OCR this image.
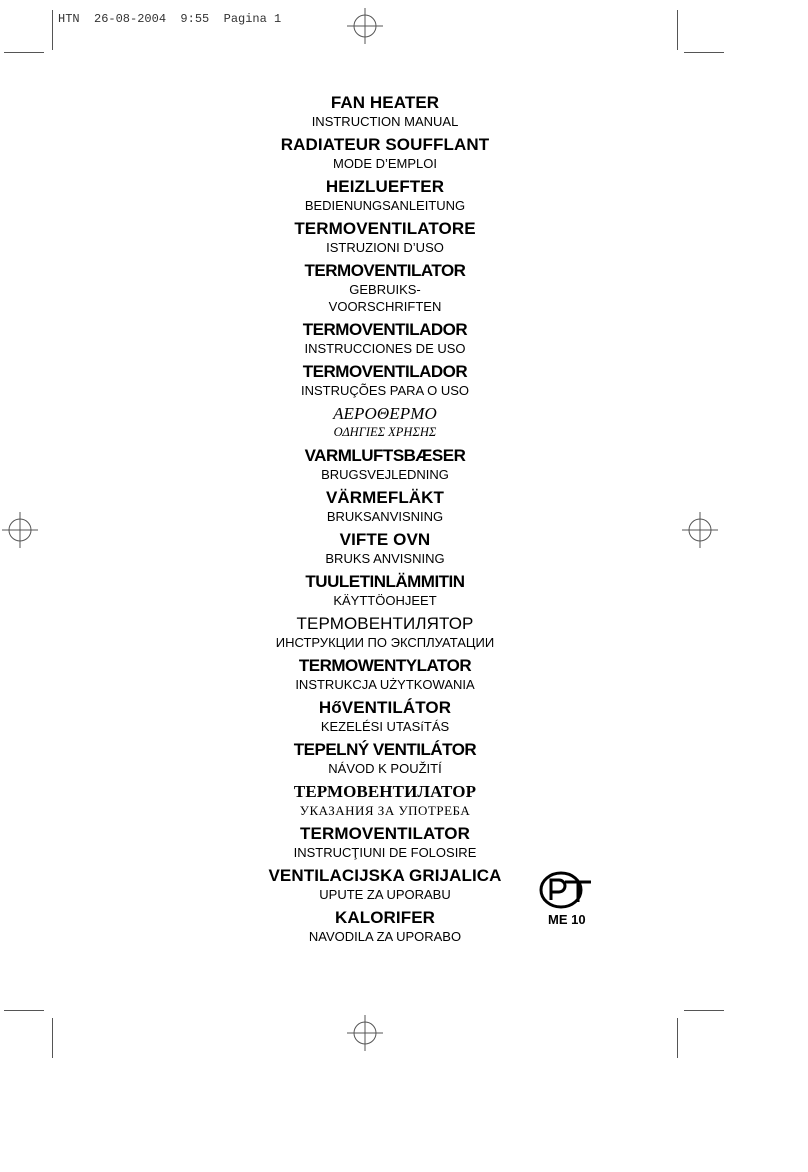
HTN  26-08-2004  9:55  Pagina 1
FAN HEATER
INSTRUCTION MANUAL
RADIATEUR SOUFFLANT
MODE D’EMPLOI
HEIZLUEFTER
BEDIENUNGSANLEITUNG
TERMOVENTILATORE
ISTRUZIONI D’USO
TERMOVENTILATOR
GEBRUIKS-
VOORSCHRIFTEN
TERMOVENTILADOR
INSTRUCCIONES DE USO
TERMOVENTILADOR
INSTRUÇÕES PARA O USO
ΑΕΡΟΘΕΡΜΟ
ΟΔΗΓΙΕΣ ΧΡΗΣΗΣ
VARMLUFTSBÆSER
BRUGSVEJLEDNING
VÄRMEFLÄKT
BRUKSANVISNING
VIFTE OVN
BRUKS ANVISNING
TUULETINLÄMMITIN
KÄYTTÖOHJEET
ТЕРМОВЕНТИЛЯТОР
ИНСТРУКЦИИ ПО ЭКСПЛУАТАЦИИ
TERMOWENTYLATOR
INSTRUKCJA UŻYTKOWANIA
HőVENTILÁTOR
KEZELÉSI UTASíTÁS
TEPELNÝ VENTILÁTOR
NÁVOD K POUŽITÍ
ТЕРМОВЕНТИЛАТОР
УКАЗАНИЯ ЗА УПОТРЕБА
TERMOVENTILATOR
INSTRUCŢIUNI DE FOLOSIRE
VENTILACIJSKA GRIJALICA
UPUTE ZA UPORABU
KALORIFER
NAVODILA ZA UPORABO
ME 10
